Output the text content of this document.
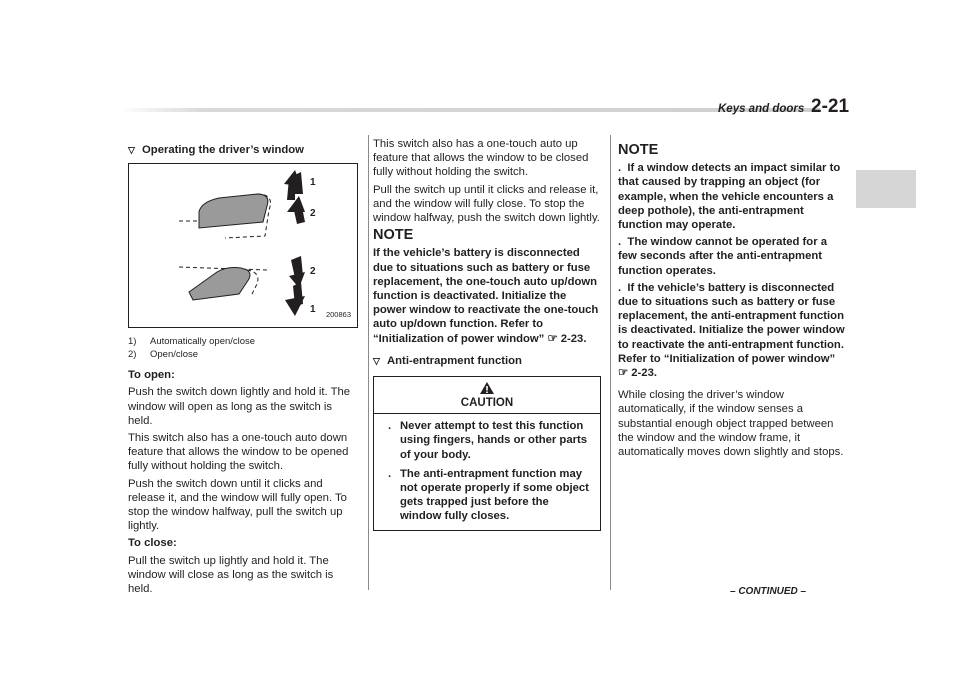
Keys and doors 2-21

▽ Operating the driver’s window

1
2
2
1 200863

1) Automatically open/close

2) Open/close

To open:

Push the switch down lightly and hold it. The window will open as long as the switch is held.

This switch also has a one-touch auto down feature that allows the window to be opened fully without holding the switch.

Push the switch down until it clicks and release it, and the window will fully open. To stop the window halfway, pull the switch up lightly.

To close:

Pull the switch up lightly and hold it. The window will close as long as the switch is held.

This switch also has a one-touch auto up feature that allows the window to be closed fully without holding the switch.

Pull the switch up until it clicks and release it, and the window will fully close. To stop the window halfway, push the switch down lightly.

NOTE

If the vehicle’s battery is disconnected due to situations such as battery or fuse replacement, the one-touch auto up/down function is deactivated. Initialize the power window to reactivate the one-touch auto up/down function. Refer to “Initialization of power window” ☞ 2-23.

▽ Anti-entrapment function

CAUTION

. Never attempt to test this function using fingers, hands or other parts of your body.

. The anti-entrapment function may not operate properly if some object gets trapped just before the window fully closes.

NOTE

.  If a window detects an impact similar to that caused by trapping an object (for example, when the vehicle encounters a deep pothole), the anti-entrapment function may operate.

.  The window cannot be operated for a few seconds after the anti-entrapment function operates.

.  If the vehicle’s battery is disconnected due to situations such as battery or fuse replacement, the anti-entrapment function is deactivated. Initialize the power window to reactivate the anti-entrapment function. Refer to “Initialization of power window” ☞ 2-23.

While closing the driver’s window automatically, if the window senses a substantial enough object trapped between the window and the window frame, it automatically moves down slightly and stops.

– CONTINUED –
